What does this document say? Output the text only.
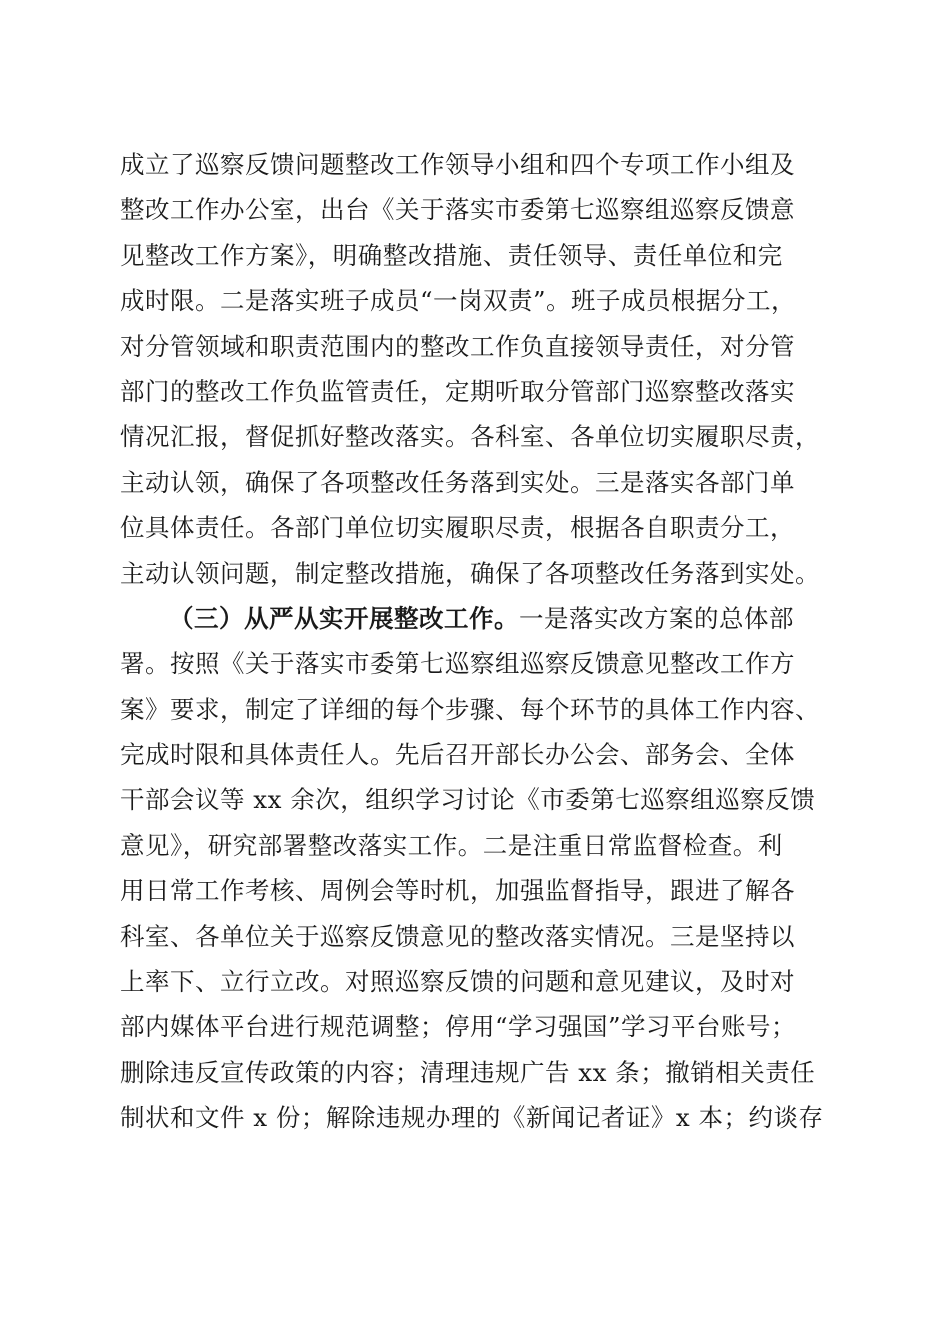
成立了巡察反馈问题整改工作领导小组和四个专项工作小组及
整改工作办公室，出台《关于落实市委第七巡察组巡察反馈意
见整改工作方案》，明确整改措施、责任领导、责任单位和完
成时限。二是落实班子成员“一岗双责”。班子成员根据分工，
对分管领域和职责范围内的整改工作负直接领导责任，对分管
部门的整改工作负监管责任，定期听取分管部门巡察整改落实
情况汇报，督促抓好整改落实。各科室、各单位切实履职尽责，
主动认领，确保了各项整改任务落到实处。三是落实各部门单
位具体责任。各部门单位切实履职尽责，根据各自职责分工，
主动认领问题，制定整改措施，确保了各项整改任务落到实处。
（三）从严从实开展整改工作。一是落实改方案的总体部
署。按照《关于落实市委第七巡察组巡察反馈意见整改工作方
案》要求，制定了详细的每个步骤、每个环节的具体工作内容、
完成时限和具体责任人。先后召开部长办公会、部务会、全体
干部会议等 xx 余次，组织学习讨论《市委第七巡察组巡察反馈
意见》，研究部署整改落实工作。二是注重日常监督检查。利
用日常工作考核、周例会等时机，加强监督指导，跟进了解各
科室、各单位关于巡察反馈意见的整改落实情况。三是坚持以
上率下、立行立改。对照巡察反馈的问题和意见建议，及时对
部内媒体平台进行规范调整；停用“学习强国”学习平台账号；
删除违反宣传政策的内容；清理违规广告 xx 条；撤销相关责任
制状和文件 x 份；解除违规办理的《新闻记者证》x 本；约谈存
